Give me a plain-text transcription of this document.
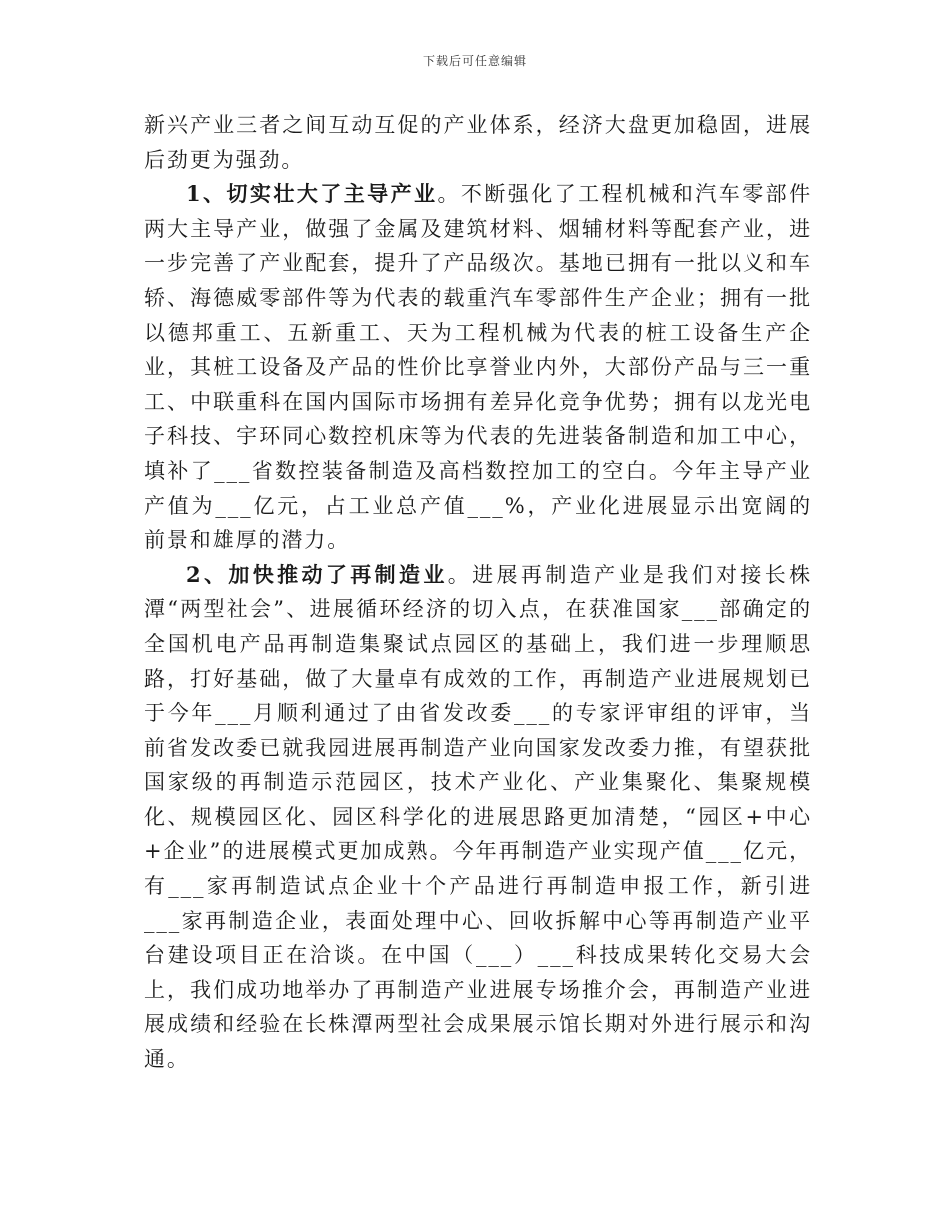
下载后可任意编辑

新兴产业三者之间互动互促的产业体系，经济大盘更加稳固，进展后劲更为强劲。

1、切实壮大了主导产业。不断强化了工程机械和汽车零部件两大主导产业，做强了金属及建筑材料、烟辅材料等配套产业，进一步完善了产业配套，提升了产品级次。基地已拥有一批以义和车轿、海德威零部件等为代表的载重汽车零部件生产企业；拥有一批以德邦重工、五新重工、天为工程机械为代表的桩工设备生产企业，其桩工设备及产品的性价比享誉业内外，大部份产品与三一重工、中联重科在国内国际市场拥有差异化竞争优势；拥有以龙光电子科技、宇环同心数控机床等为代表的先进装备制造和加工中心，填补了___省数控装备制造及高档数控加工的空白。今年主导产业产值为___亿元，占工业总产值___%，产业化进展显示出宽阔的前景和雄厚的潜力。

2、加快推动了再制造业。进展再制造产业是我们对接长株潭“两型社会”、进展循环经济的切入点，在获准国家___部确定的全国机电产品再制造集聚试点园区的基础上，我们进一步理顺思路，打好基础，做了大量卓有成效的工作，再制造产业进展规划已于今年___月顺利通过了由省发改委___的专家评审组的评审，当前省发改委已就我园进展再制造产业向国家发改委力推，有望获批国家级的再制造示范园区，技术产业化、产业集聚化、集聚规模化、规模园区化、园区科学化的进展思路更加清楚，“园区+中心+企业”的进展模式更加成熟。今年再制造产业实现产值___亿元，有___家再制造试点企业十个产品进行再制造申报工作，新引进___家再制造企业，表面处理中心、回收拆解中心等再制造产业平台建设项目正在洽谈。在中国（___）___科技成果转化交易大会上，我们成功地举办了再制造产业进展专场推介会，再制造产业进展成绩和经验在长株潭两型社会成果展示馆长期对外进行展示和沟通。
